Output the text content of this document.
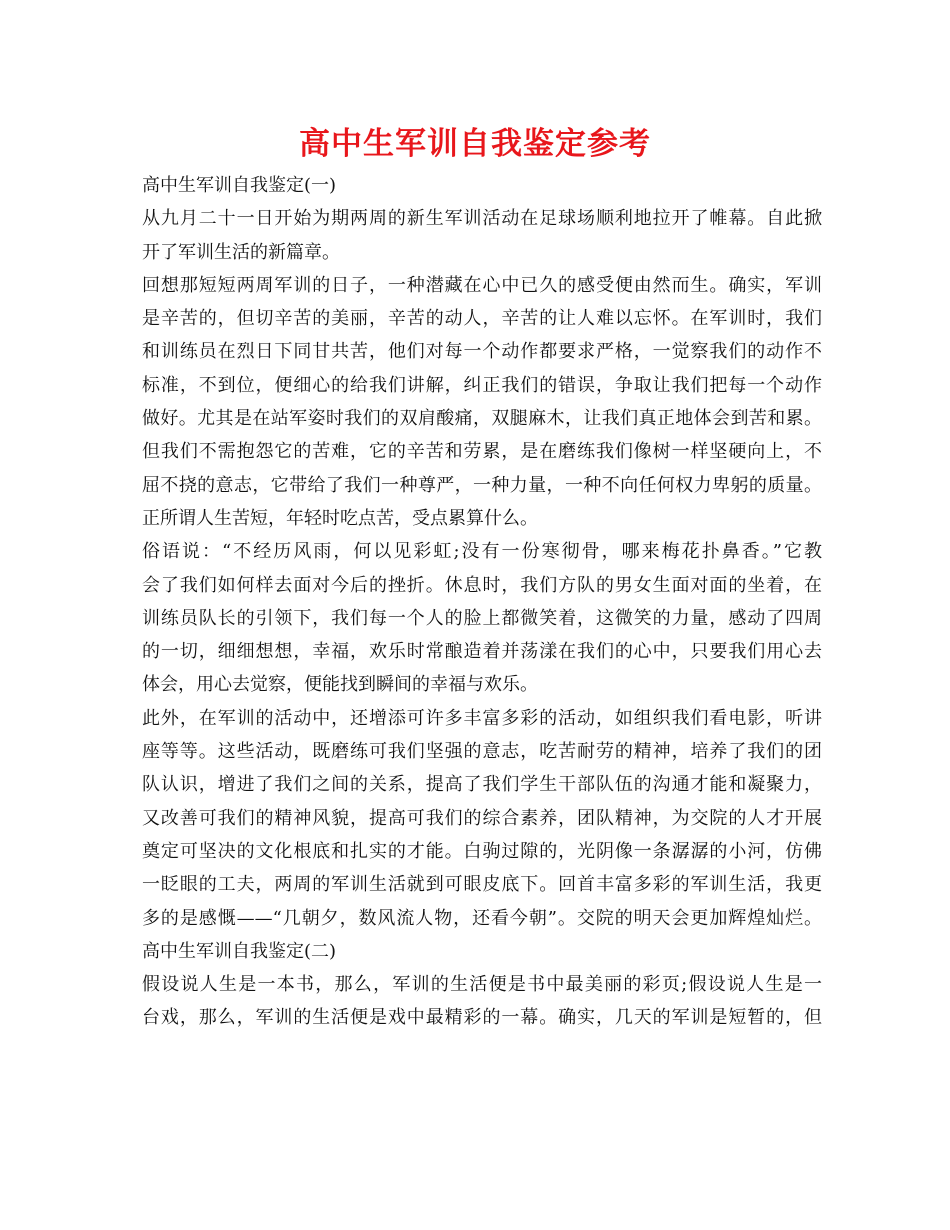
高中生军训自我鉴定参考
高中生军训自我鉴定(一)
从九月二十一日开始为期两周的新生军训活动在足球场顺利地拉开了帷幕。自此掀
开了军训生活的新篇章。
回想那短短两周军训的日子，一种潜藏在心中已久的感受便由然而生。确实，军训
是辛苦的，但切辛苦的美丽，辛苦的动人，辛苦的让人难以忘怀。在军训时，我们
和训练员在烈日下同甘共苦，他们对每一个动作都要求严格，一觉察我们的动作不
标准，不到位，便细心的给我们讲解，纠正我们的错误，争取让我们把每一个动作
做好。尤其是在站军姿时我们的双肩酸痛，双腿麻木，让我们真正地体会到苦和累。
但我们不需抱怨它的苦难，它的辛苦和劳累，是在磨练我们像树一样坚硬向上，不
屈不挠的意志，它带给了我们一种尊严，一种力量，一种不向任何权力卑躬的质量。
正所谓人生苦短，年轻时吃点苦，受点累算什么。
俗语说：“不经历风雨，何以见彩虹;没有一份寒彻骨，哪来梅花扑鼻香。”它教
会了我们如何样去面对今后的挫折。休息时，我们方队的男女生面对面的坐着，在
训练员队长的引领下，我们每一个人的脸上都微笑着，这微笑的力量，感动了四周
的一切，细细想想，幸福，欢乐时常酿造着并荡漾在我们的心中，只要我们用心去
体会，用心去觉察，便能找到瞬间的幸福与欢乐。
此外，在军训的活动中，还增添可许多丰富多彩的活动，如组织我们看电影，听讲
座等等。这些活动，既磨练可我们坚强的意志，吃苦耐劳的精神，培养了我们的团
队认识，增进了我们之间的关系，提高了我们学生干部队伍的沟通才能和凝聚力，
又改善可我们的精神风貌，提高可我们的综合素养，团队精神，为交院的人才开展
奠定可坚决的文化根底和扎实的才能。白驹过隙的，光阴像一条潺潺的小河，仿佛
一眨眼的工夫，两周的军训生活就到可眼皮底下。回首丰富多彩的军训生活，我更
多的是感慨——“几朝夕，数风流人物，还看今朝”。交院的明天会更加辉煌灿烂。
高中生军训自我鉴定(二)
假设说人生是一本书，那么，军训的生活便是书中最美丽的彩页;假设说人生是一
台戏，那么，军训的生活便是戏中最精彩的一幕。确实，几天的军训是短暂的，但
